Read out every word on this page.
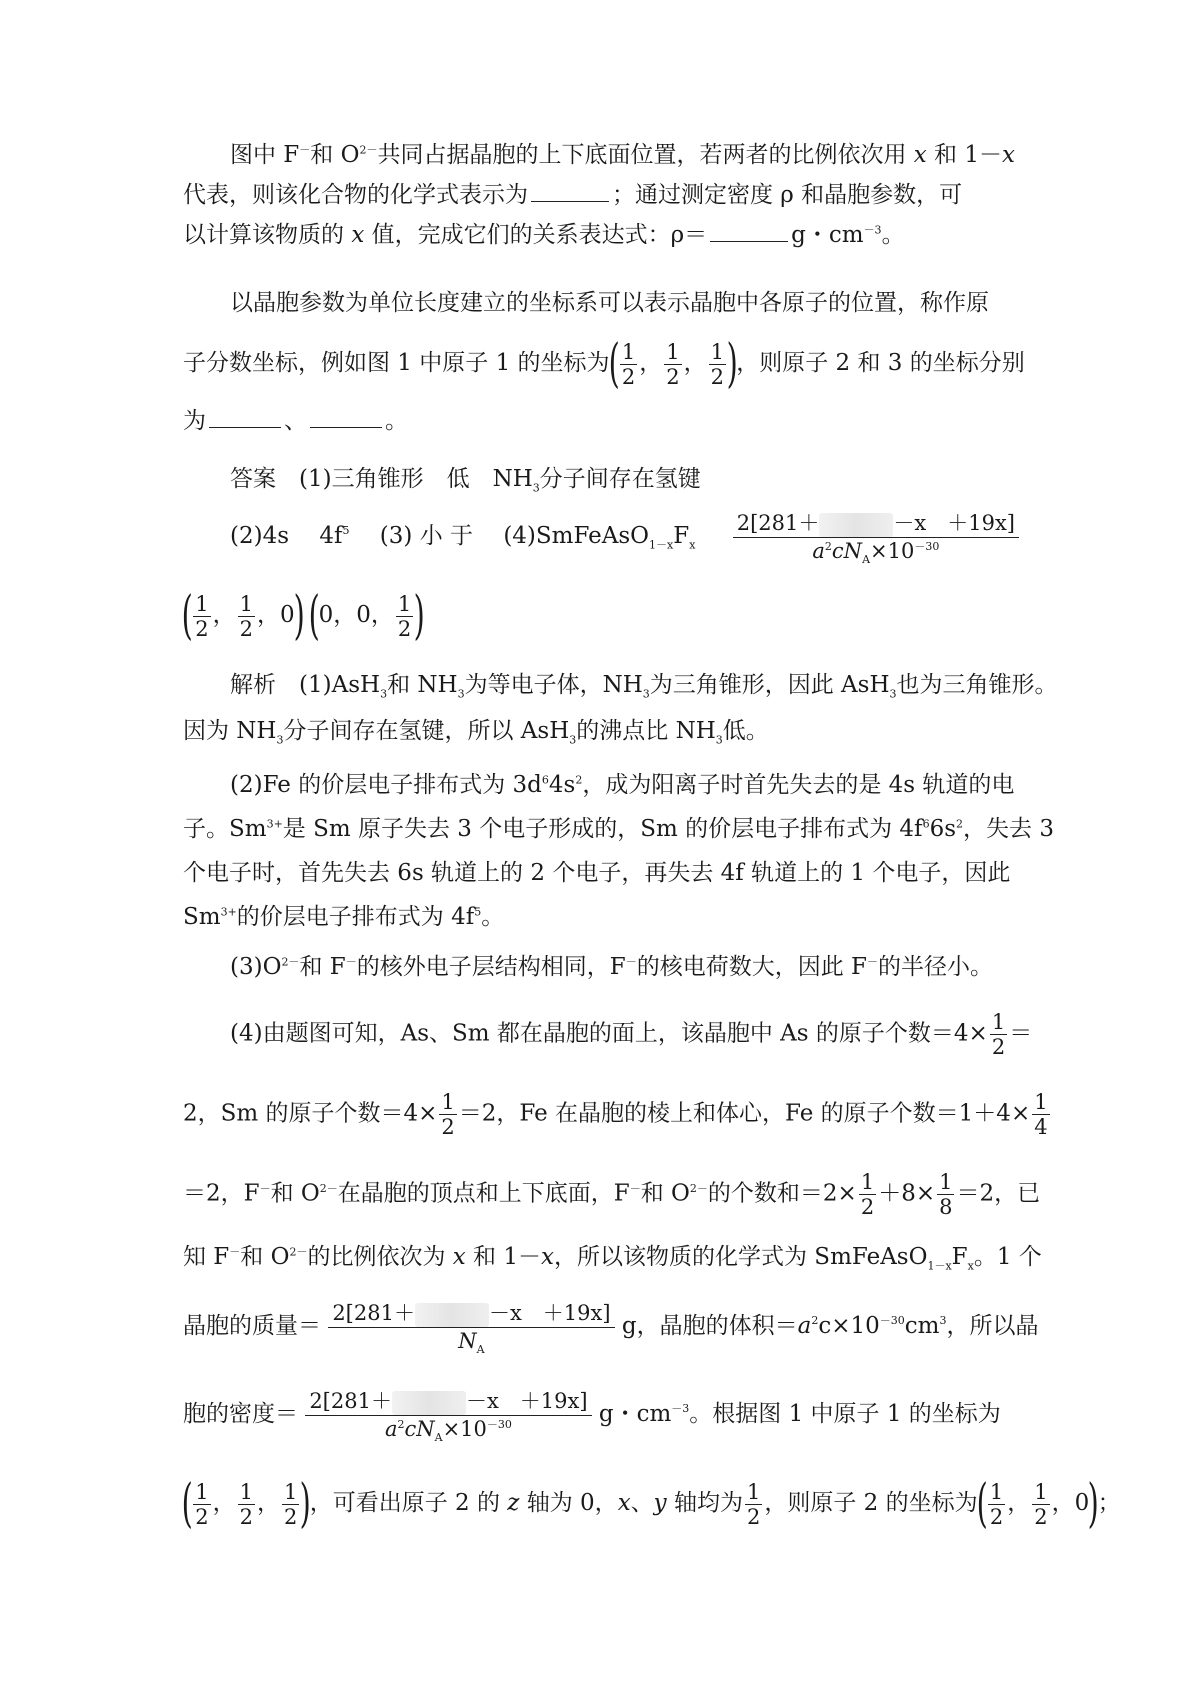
图中 F－和 $O^{2-}$共同占据晶胞的上下底面位置，若两者的比例依次用 x 和 1－x
代表，则该化合物的化学式表示为	；通过测定密度 ρ 和晶胞参数，可
以计算该物质的 x 值，完成它们的关系表达式：ρ＝	g・$cm^{-3}$。
以晶胞参数为单位长度建立的坐标系可以表示晶胞中各原子的位置，称作原
子分数坐标，例如图 1 中原子 1 的坐标为( $\frac{1}{2}$ ， $\frac{1}{2}$ ， $\frac{1}{2}$ )，则原子 2 和 3 的坐标分别
为	、	。
答案　 (1)三角锥形　低　$NH_3$分子间存在氢键
(2)4s　 $4f^5$　 (3) 小 于　 $(4)SmFeAsO_{1-x}F_x$ 2[281＋	－x　＋19x]
$a^2cN_A\times 10^{-30}$
( $\frac{1}{2}$ ， $\frac{1}{2}$ ，0) (0，0， $\frac{1}{2}$ )
解析　 (1)AsH$_3$和 $NH_3$为等电子体，$NH_3$为三角锥形，因此 AsH$_3$也为三角锥形。
因为 $NH_3$分子间存在氢键，所以 AsH$_3$的沸点比 $NH_3$低。
(2)Fe 的价层电子排布式为 $3d^64s^2$，成为阳离子时首先失去的是 4s 轨道的电
子。$Sm^{3+}$是 Sm 原子失去 3 个电子形成的，Sm 的价层电子排布式为 $4f^66s^2$，失去 3
个电子时，首先失去 6s 轨道上的 2 个电子，再失去 4f 轨道上的 1 个电子，因此
$Sm^{3+}$的价层电子排布式为 $4f^5$。
$(3)O^{2-}$和 F－的核外电子层结构相同，F－的核电荷数大，因此 F－的半径小。
(4)由题图可知，As、Sm 都在晶胞的面上，该晶胞中 As 的原子个数$=4\times \frac{1}{2}$ ＝
2，Sm 的原子个数$=4\times \frac{1}{2} =2$，Fe 在晶胞的棱上和体心，Fe 的原子个数$=1+4\times \frac{1}{4}$
＝2，F－和 $O^{2-}$在晶胞的顶点和上下底面，F－和 $O^{2-}$的个数和$=2\times \frac{1}{2} +8\times \frac{1}{8} =2$，已
知 F－和 $O^{2-}$的比例依次为 x 和 1－x，所以该物质的化学式为 $SmFeAsO_{1-x}F_x$。1 个
晶胞的质量＝ 2[281＋	－x　＋19x]
$N_A$ g，晶胞的体积$=a^2c\times 10^{-30}cm^3$，所以晶
胞的密度＝ 2[281＋	－x　＋19x]
$a^2cN_A\times 10^{-30}$ g・$cm^{-3}$。根据图 1 中原子 1 的坐标为
( $\frac{1}{2}$ ， $\frac{1}{2}$ ， $\frac{1}{2}$ )，可看出原子 2 的 z 轴为 0，x、y 轴均为 $\frac{1}{2}$ ，则原子 2 的坐标为( $\frac{1}{2}$ ， $\frac{1}{2}$ ，0)；
